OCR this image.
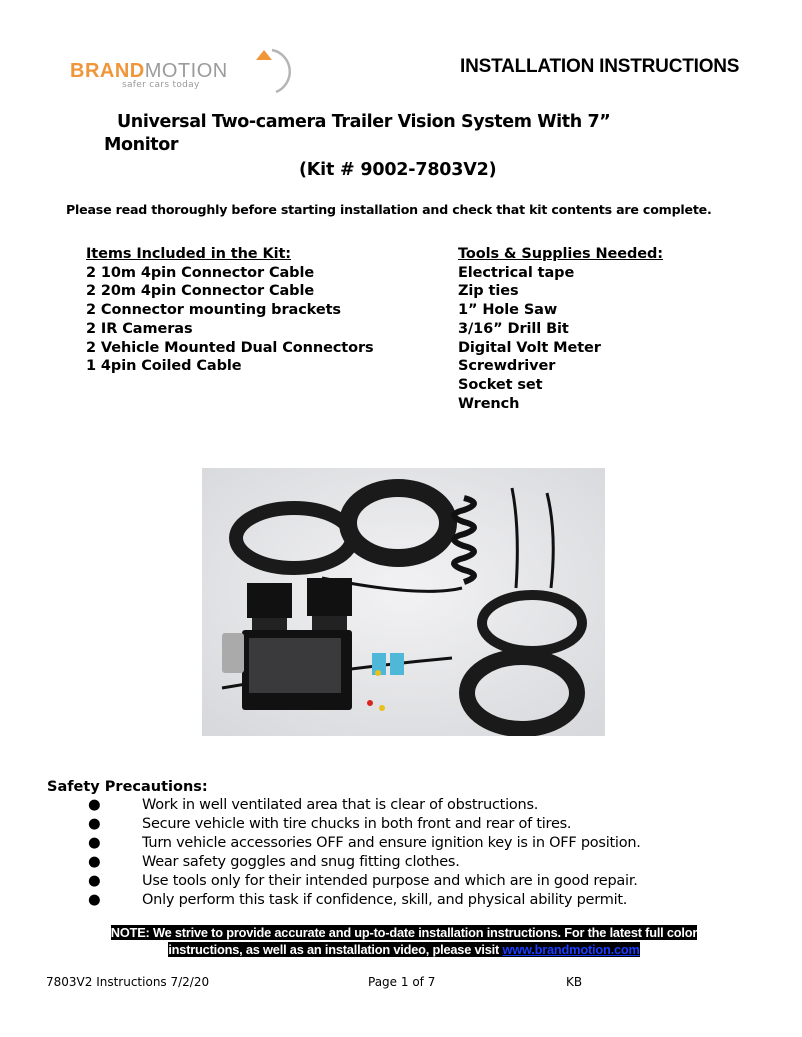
BRANDMOTION
safer cars today
INSTALLATION INSTRUCTIONS
Universal Two-camera Trailer Vision System With 7”
Monitor
(Kit # 9002-7803V2)
Please read thoroughly before starting installation and check that kit contents are complete.
Items Included in the Kit:
2 10m 4pin Connector Cable
2 20m 4pin Connector Cable
2 Connector mounting brackets
2 IR Cameras
2 Vehicle Mounted Dual Connectors
1 4pin Coiled Cable
Tools & Supplies Needed:
Electrical tape
Zip ties
1” Hole Saw
3/16” Drill Bit
Digital Volt Meter
Screwdriver
Socket set
Wrench
Safety Precautions:
●	Work in well ventilated area that is clear of obstructions.
●	Secure vehicle with tire chucks in both front and rear of tires.
●	Turn vehicle accessories OFF and ensure ignition key is in OFF position.
●	Wear safety goggles and snug fitting clothes.
●	Use tools only for their intended purpose and which are in good repair.
●	Only perform this task if confidence, skill, and physical ability permit.
NOTE: We strive to provide accurate and up-to-date installation instructions. For the latest full color
instructions, as well as an installation video, please visit www.brandmotion.com
7803V2 Instructions 7/2/20	Page 1 of 7	KB
